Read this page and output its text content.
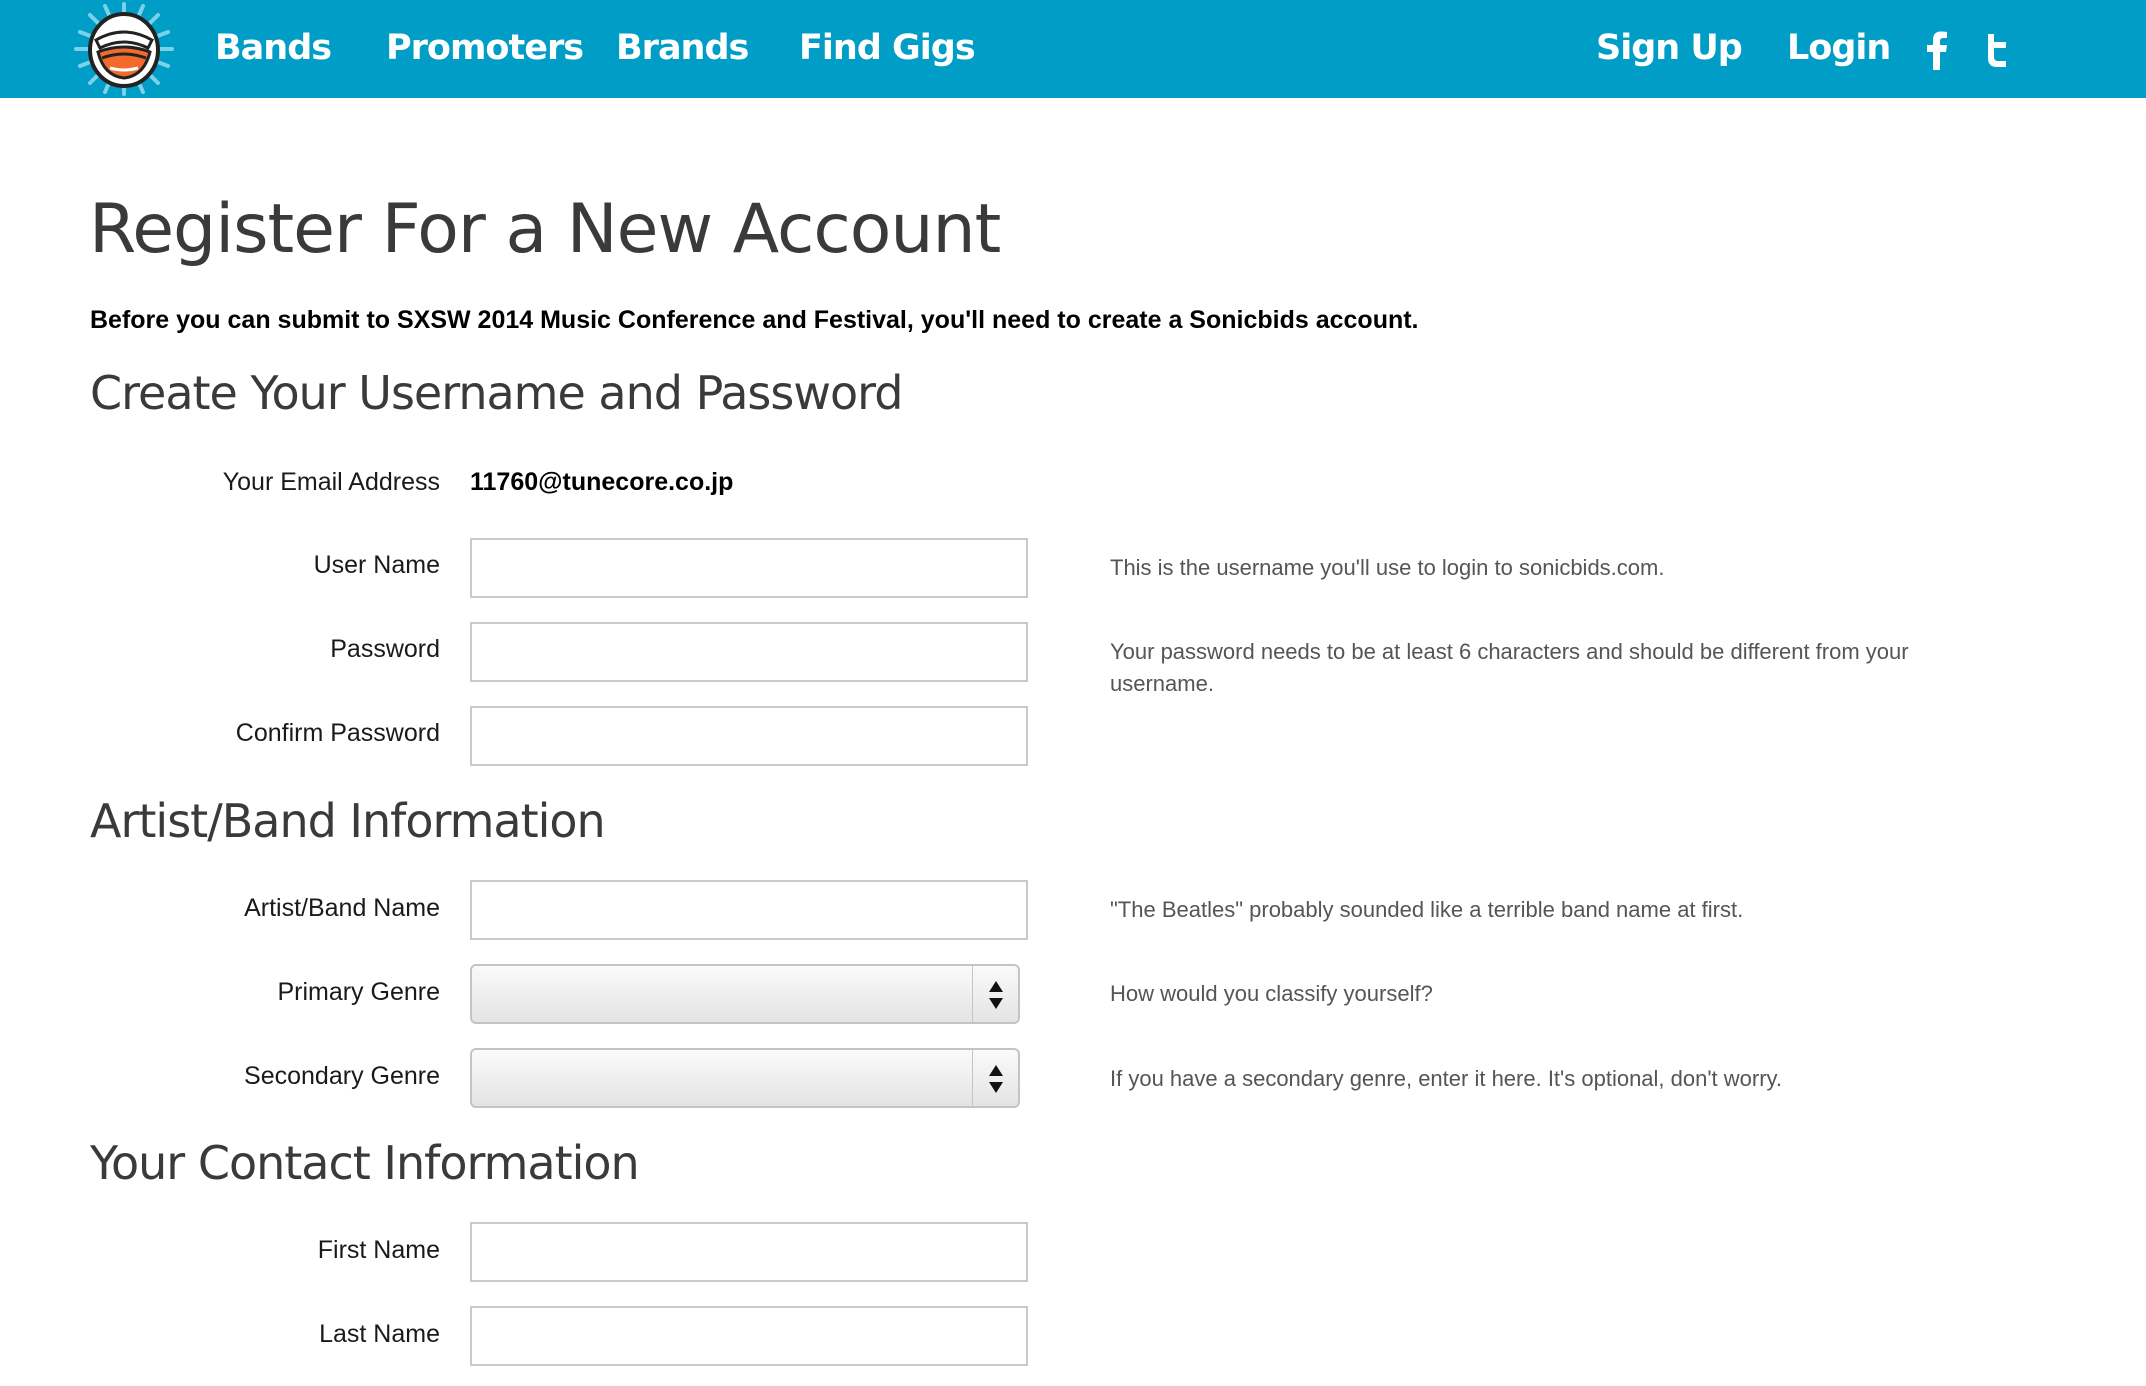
Bands Promoters Brands Find Gigs	Sign Up Login
Register For a New Account

Before you can submit to SXSW 2014 Music Conference and Festival, you'll need to create a Sonicbids account.

Create Your Username and Password
Your Email Address 11760@tunecore.co.jp
User Name	This is the username you'll use to login to sonicbids.com.
Password	Your password needs to be at least 6 characters and should be different from your username.
Confirm Password
Artist/Band Information
Artist/Band Name	"The Beatles" probably sounded like a terrible band name at first.
Primary Genre	How would you classify yourself?
Secondary Genre	If you have a secondary genre, enter it here. It's optional, don't worry.
Your Contact Information
First Name
Last Name
